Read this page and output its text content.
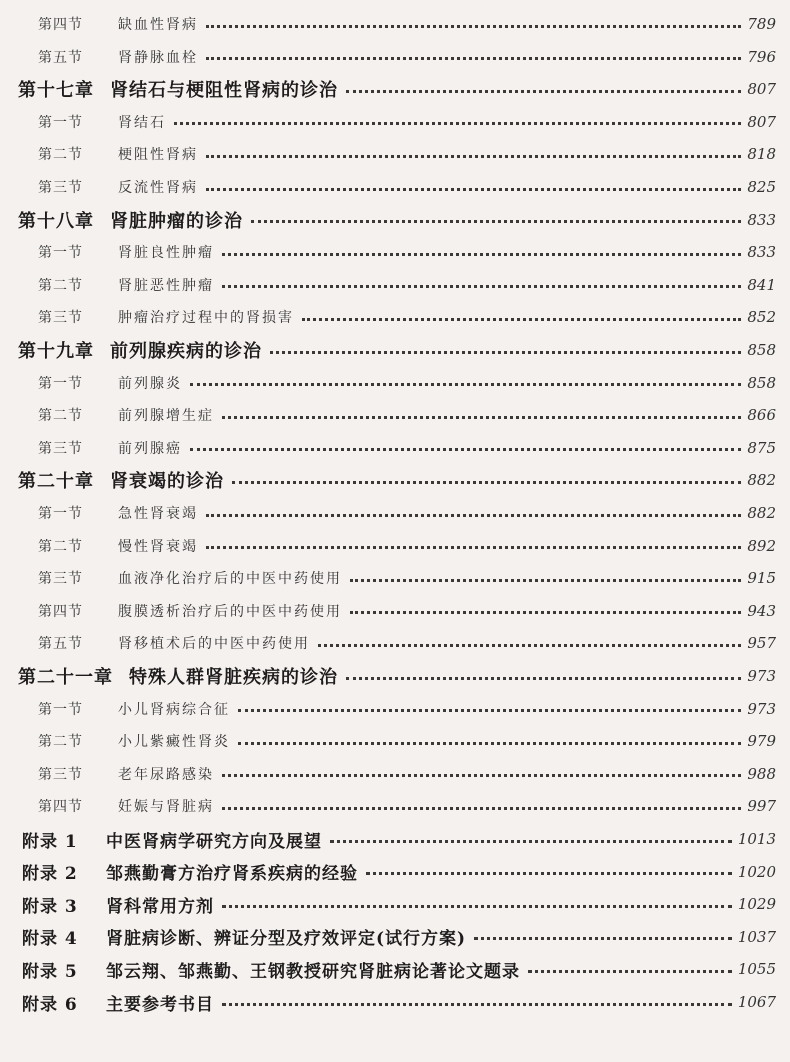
第四节	缺血性肾病	789
第五节	肾静脉血栓	796
第十七章 肾结石与梗阻性肾病的诊治	807
第一节	肾结石	807
第二节	梗阻性肾病	818
第三节	反流性肾病	825
第十八章 肾脏肿瘤的诊治	833
第一节	肾脏良性肿瘤	833
第二节	肾脏恶性肿瘤	841
第三节	肿瘤治疗过程中的肾损害	852
第十九章 前列腺疾病的诊治	858
第一节	前列腺炎	858
第二节	前列腺增生症	866
第三节	前列腺癌	875
第二十章 肾衰竭的诊治	882
第一节	急性肾衰竭	882
第二节	慢性肾衰竭	892
第三节	血液净化治疗后的中医中药使用	915
第四节	腹膜透析治疗后的中医中药使用	943
第五节	肾移植术后的中医中药使用	957
第二十一章 特殊人群肾脏疾病的诊治	973
第一节	小儿肾病综合征	973
第二节	小儿紫癜性肾炎	979
第三节	老年尿路感染	988
第四节	妊娠与肾脏病	997
附录 1	中医肾病学研究方向及展望	1013
附录 2	邹燕勤膏方治疗肾系疾病的经验	1020
附录 3	肾科常用方剂	1029
附录 4	肾脏病诊断、辨证分型及疗效评定(试行方案)	1037
附录 5	邹云翔、邹燕勤、王钢教授研究肾脏病论著论文题录	1055
附录 6	主要参考书目	1067
